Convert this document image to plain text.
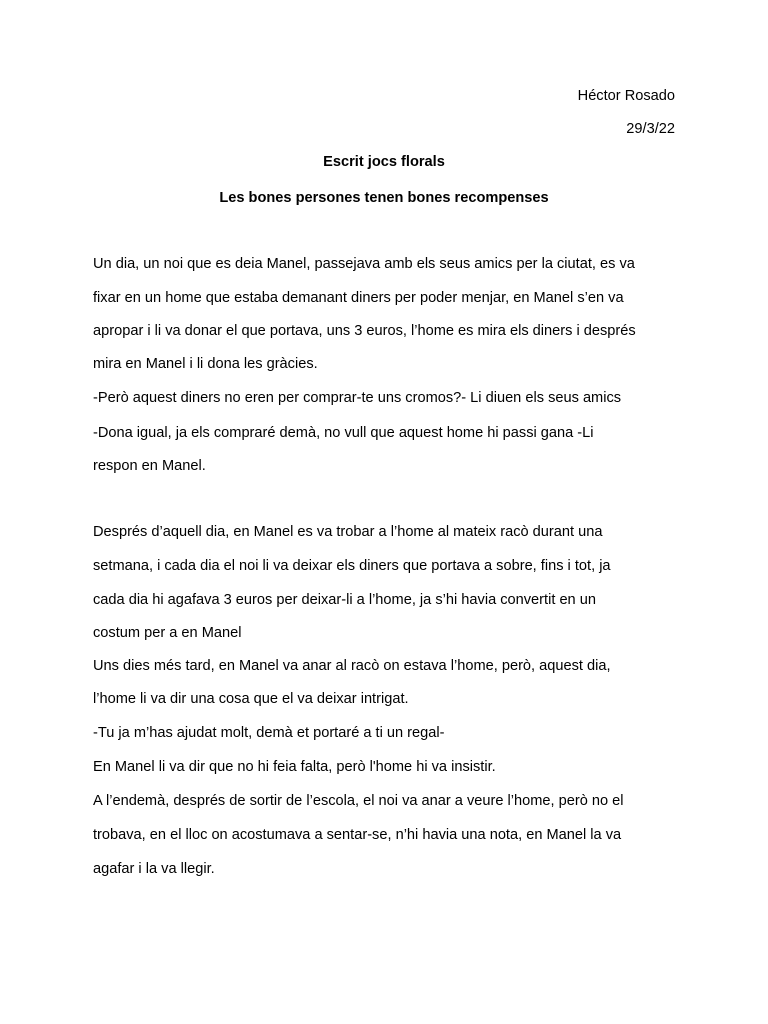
Héctor Rosado
29/3/22
Escrit jocs florals
Les bones persones tenen bones recompenses
Un dia, un noi que es deia Manel, passejava amb els seus amics per la ciutat, es va
fixar en un home que estaba demanant diners per poder menjar, en Manel s’en va
apropar i li va donar el que portava, uns 3 euros, l’home es mira els diners i després
mira en Manel i li dona les gràcies.
-Però aquest diners no eren per comprar-te uns cromos?- Li diuen els seus amics
-Dona igual, ja els compraré demà, no vull que aquest home hi passi gana -Li
respon en Manel.
Després d’aquell dia, en Manel es va trobar a l’home al mateix racò durant una
setmana, i cada dia el noi li va deixar els diners que portava a sobre, fins i tot, ja
cada dia hi agafava 3 euros per deixar-li a l’home, ja s’hi havia convertit en un
costum per a en Manel
Uns dies més tard, en Manel va anar al racò on estava l’home, però, aquest dia,
l’home li va dir una cosa que el va deixar intrigat.
-Tu ja m’has ajudat molt, demà et portaré a ti un regal-
En Manel li va dir que no hi feia falta, però l'home hi va insistir.
A l’endemà, després de sortir de l’escola, el noi va anar a veure l’home, però no el
trobava, en el lloc on acostumava a sentar-se, n’hi havia una nota, en Manel la va
agafar i la va llegir.
